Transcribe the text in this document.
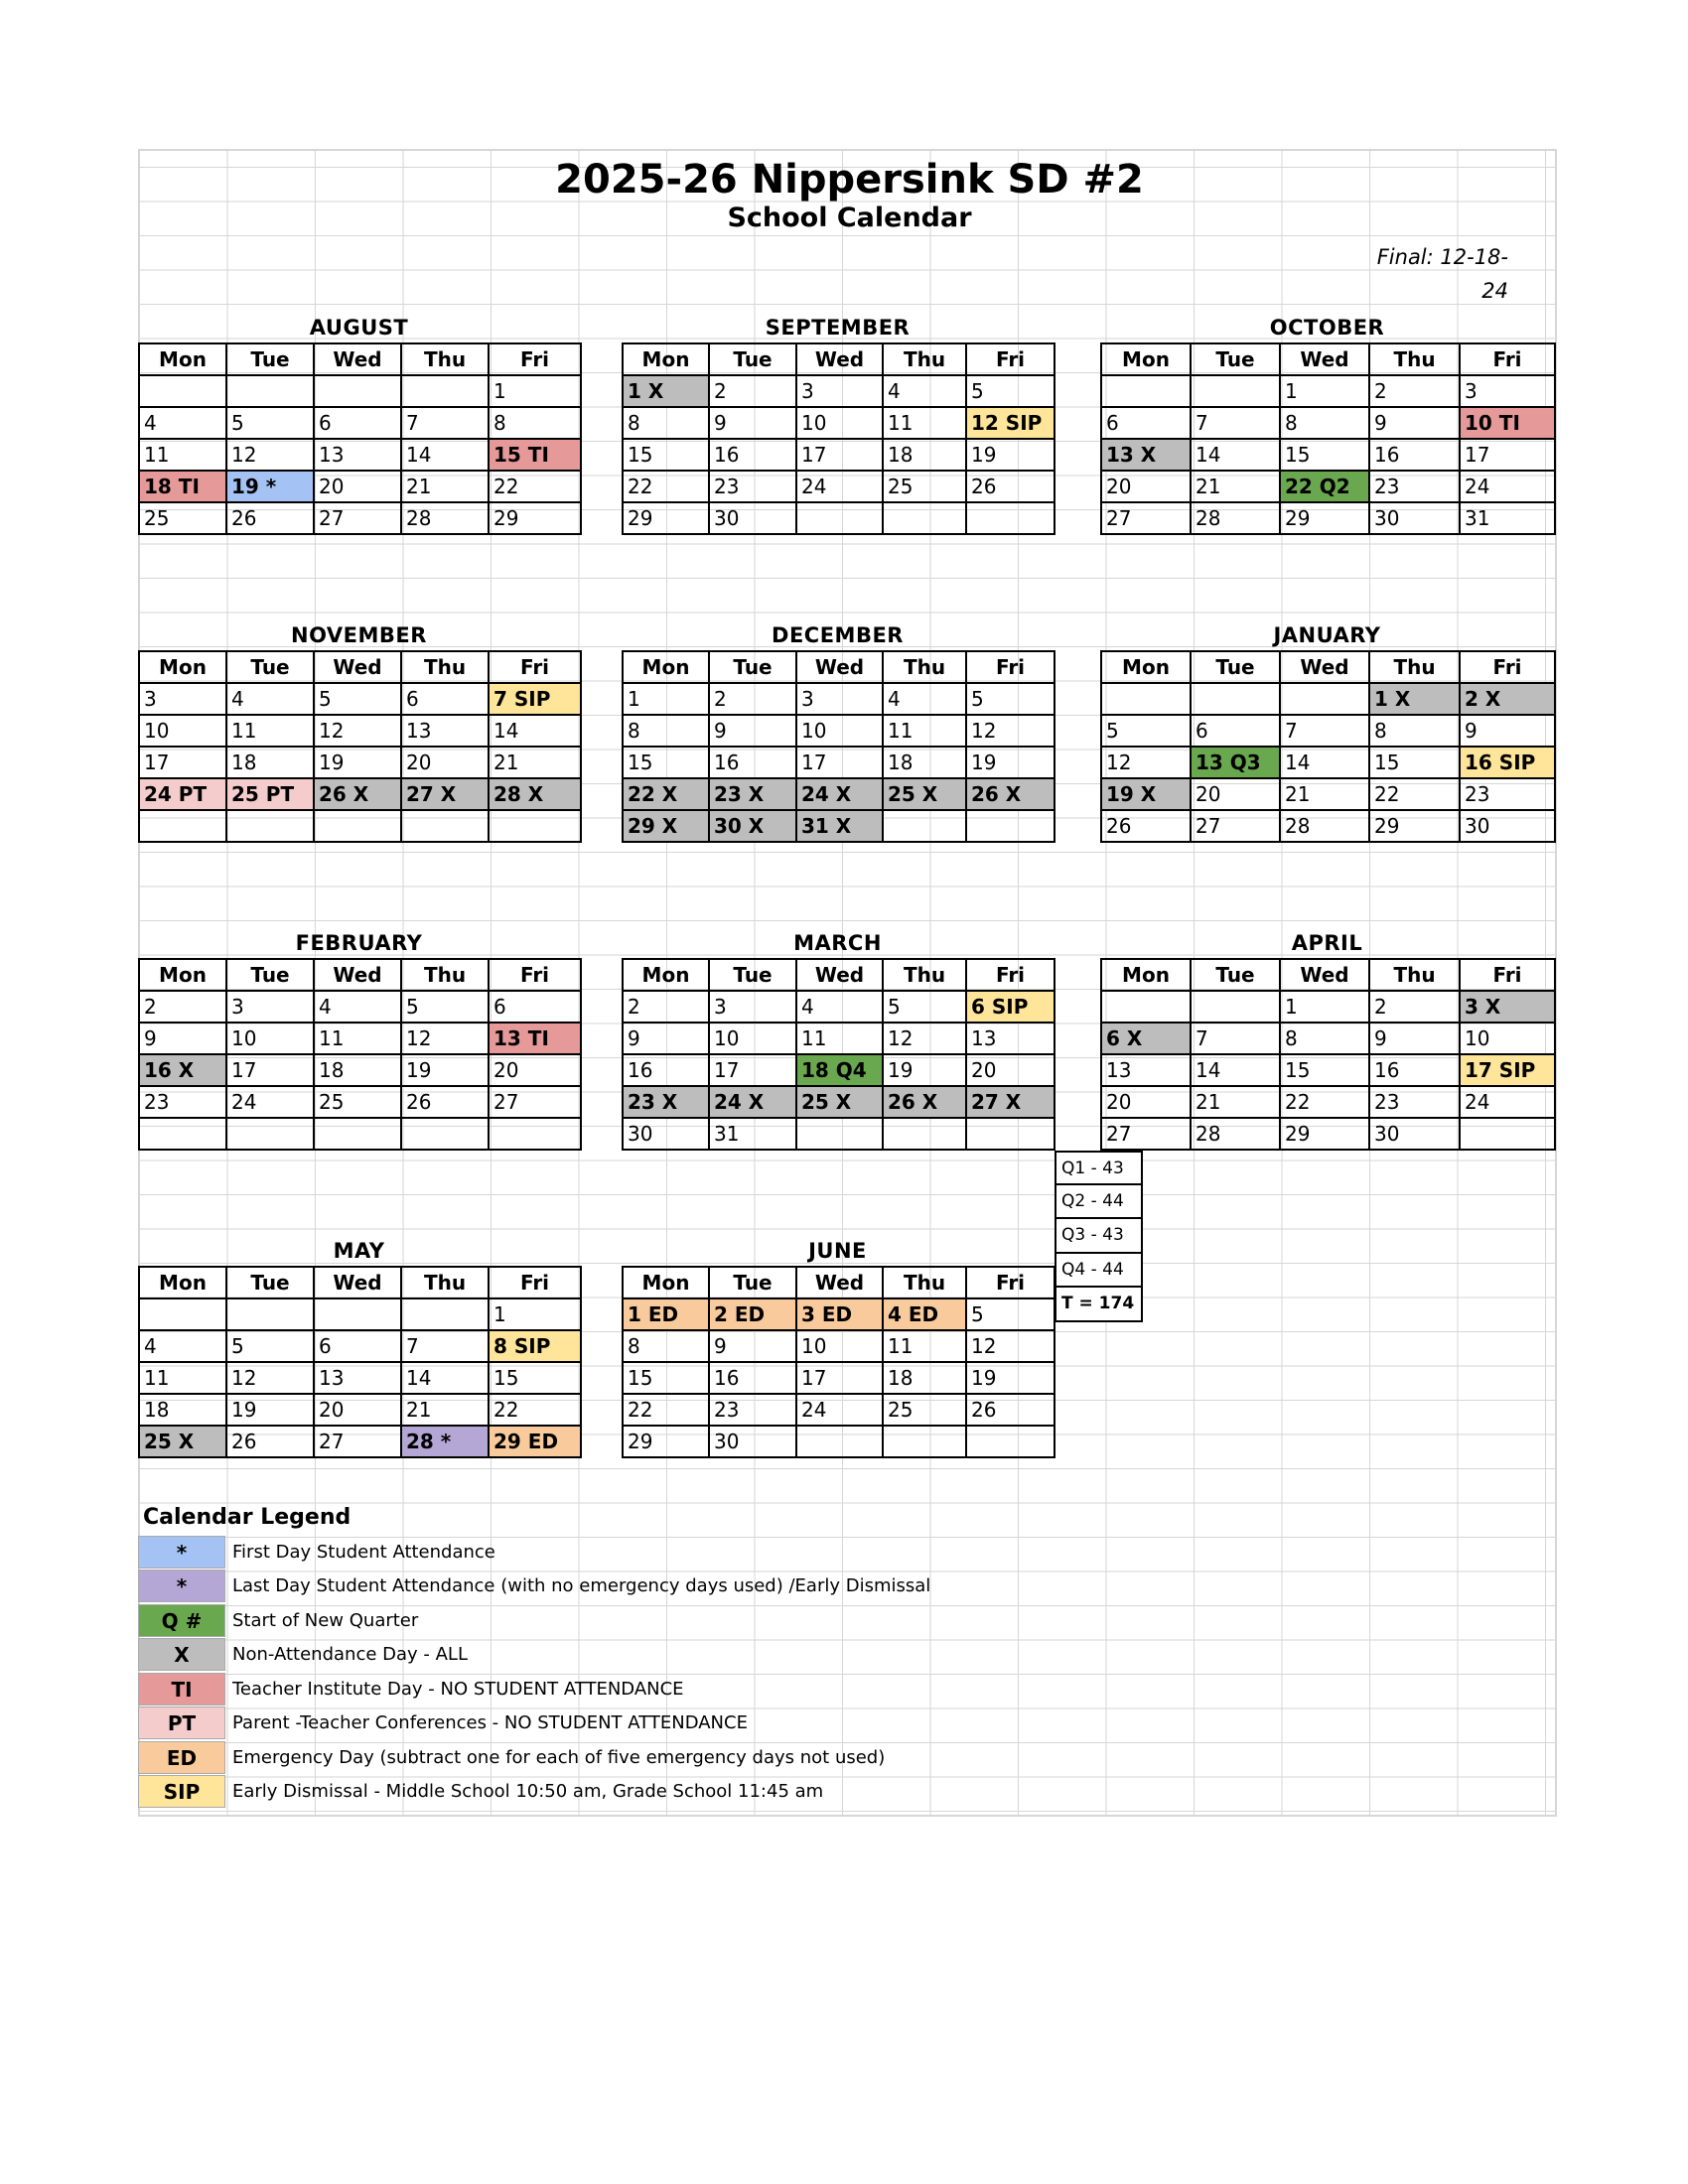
2025-26 Nippersink SD #2
School Calendar
Final: 12-18-24
AUGUST
Mon	Tue	Wed	Thu	Fri
				1
4	5	6	7	8
11	12	13	14	15 TI
18 TI	19 *	20	21	22
25	26	27	28	29
SEPTEMBER
Mon	Tue	Wed	Thu	Fri
1 X	2	3	4	5
8	9	10	11	12 SIP
15	16	17	18	19
22	23	24	25	26
29	30			
OCTOBER
Mon	Tue	Wed	Thu	Fri
		1	2	3
6	7	8	9	10 TI
13 X	14	15	16	17
20	21	22 Q2	23	24
27	28	29	30	31
NOVEMBER
Mon	Tue	Wed	Thu	Fri
3	4	5	6	7 SIP
10	11	12	13	14
17	18	19	20	21
24 PT	25 PT	26 X	27 X	28 X

DECEMBER
Mon	Tue	Wed	Thu	Fri
1	2	3	4	5
8	9	10	11	12
15	16	17	18	19
22 X	23 X	24 X	25 X	26 X
29 X	30 X	31 X		
JANUARY
Mon	Tue	Wed	Thu	Fri
			1 X	2 X
5	6	7	8	9
12	13 Q3	14	15	16 SIP
19 X	20	21	22	23
26	27	28	29	30
FEBRUARY
Mon	Tue	Wed	Thu	Fri
2	3	4	5	6
9	10	11	12	13 TI
16 X	17	18	19	20
23	24	25	26	27

MARCH
Mon	Tue	Wed	Thu	Fri
2	3	4	5	6 SIP
9	10	11	12	13
16	17	18 Q4	19	20
23 X	24 X	25 X	26 X	27 X
30	31			
APRIL
Mon	Tue	Wed	Thu	Fri
		1	2	3 X
6 X	7	8	9	10
13	14	15	16	17 SIP
20	21	22	23	24
27	28	29	30	
MAY
Mon	Tue	Wed	Thu	Fri
				1
4	5	6	7	8 SIP
11	12	13	14	15
18	19	20	21	22
25 X	26	27	28 *	29 ED
JUNE
Mon	Tue	Wed	Thu	Fri
1 ED	2 ED	3 ED	4 ED	5
8	9	10	11	12
15	16	17	18	19
22	23	24	25	26
29	30			
Q1 - 43
Q2 - 44
Q3 - 43
Q4 - 44
T = 174
Calendar Legend
*	First Day Student Attendance
*	Last Day Student Attendance (with no emergency days used) /Early Dismissal
Q #	Start of New Quarter
X	Non-Attendance Day - ALL
TI	Teacher Institute Day - NO STUDENT ATTENDANCE
PT	Parent -Teacher Conferences - NO STUDENT ATTENDANCE
ED	Emergency Day (subtract one for each of five emergency days not used)
SIP	Early Dismissal - Middle School 10:50 am, Grade School 11:45 am
